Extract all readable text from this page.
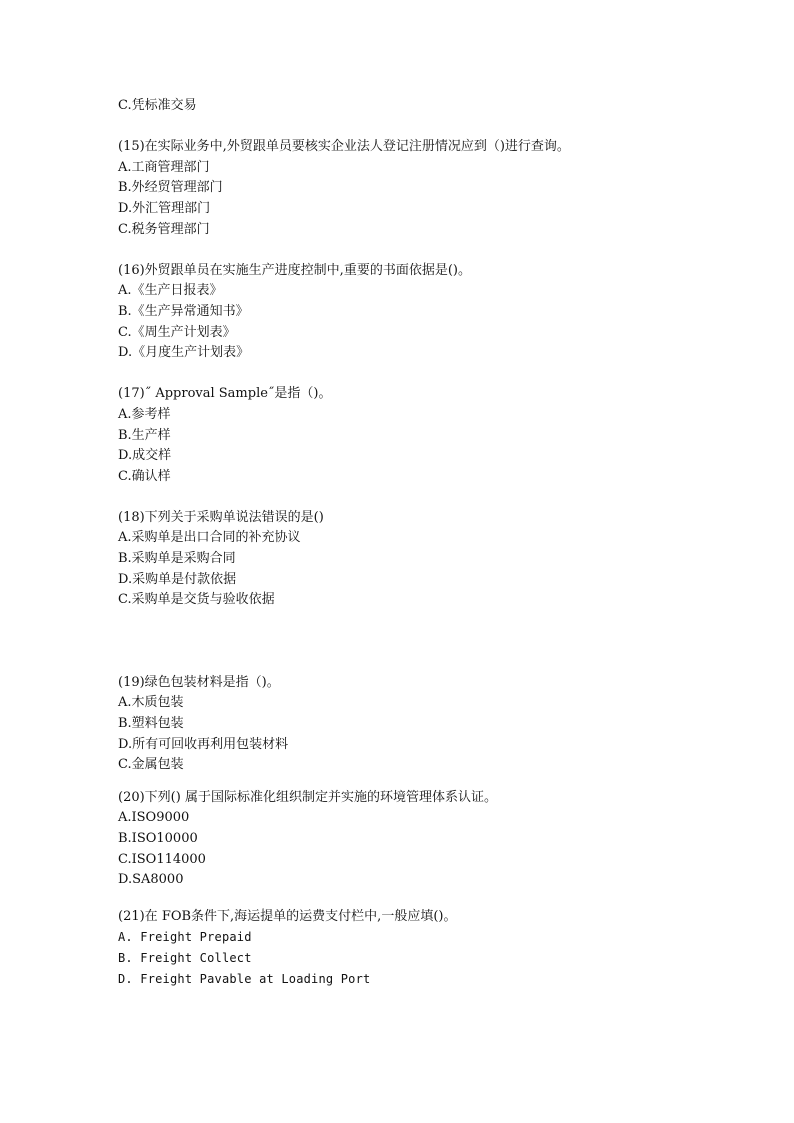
C.凭标准交易
(15)在实际业务中,外贸跟单员要核实企业法人登记注册情况应到（)进行查询。
A.工商管理部门
B.外经贸管理部门
D.外汇管理部门
C.税务管理部门
(16)外贸跟单员在实施生产进度控制中,重要的书面依据是()。
A.《生产日报表》
B.《生产异常通知书》
C.《周生产计划表》
D.《月度生产计划表》
(17)˝ Approval Sample˝是指（)。
A.参考样
B.生产样
D.成交样
C.确认样
(18)下列关于采购单说法错误的是()
A.采购单是出口合同的补充协议
B.采购单是采购合同
D.采购单是付款依据
C.采购单是交货与验收依据
(19)绿色包装材料是指（)。
A.木质包装
B.塑料包装
D.所有可回收再利用包装材料
C.金属包装
(20)下列() 属于国际标准化组织制定并实施的环境管理体系认证。
A.ISO9000
B.ISO10000
C.ISO114000
D.SA8000
(21)在 FOB条件下,海运提单的运费支付栏中,一般应填()。
A. Freight Prepaid
B. Freight Collect
D. Freight Pavable at Loading Port
